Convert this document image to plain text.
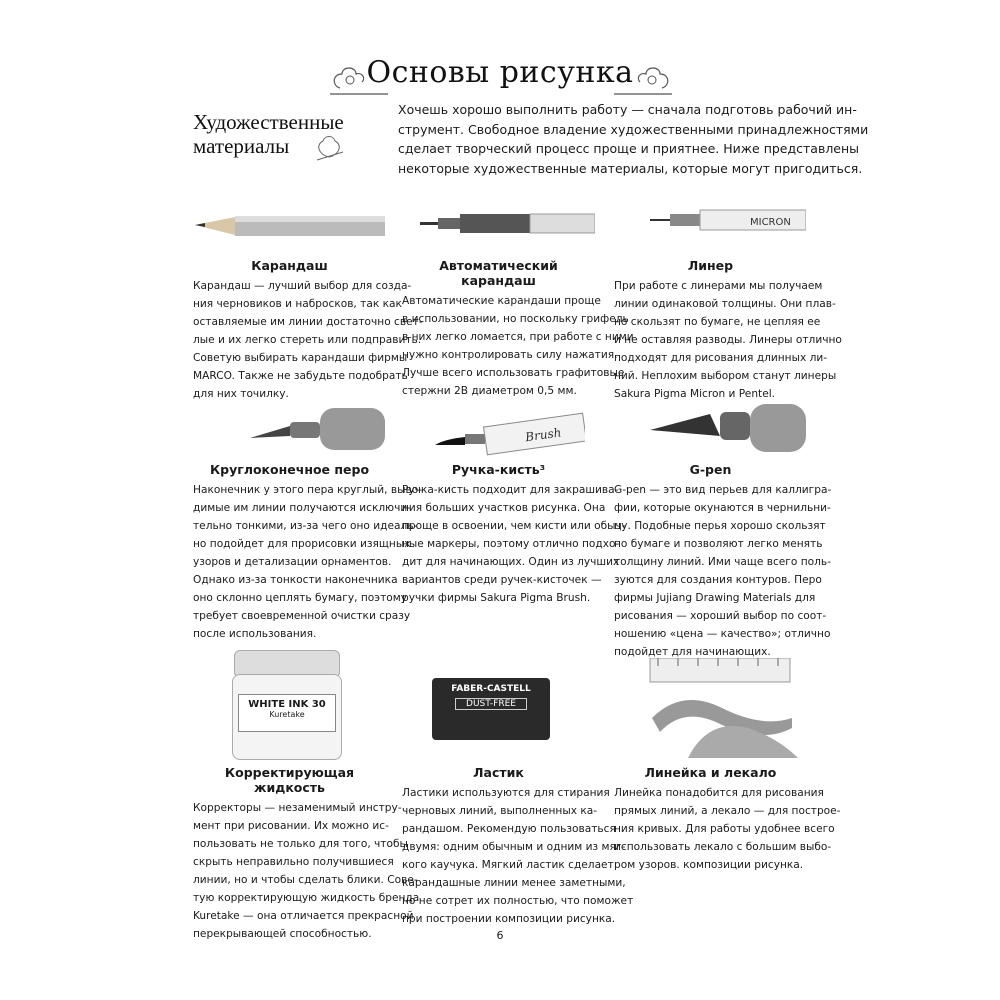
Основы рисунка
Художественные
материалы
Хочешь хорошо выполнить работу — сначала подготовь рабочий ин-
струмент. Свободное владение художественными принадлежностями
сделает творческий процесс проще и приятнее. Ниже представлены
некоторые художественные материалы, которые могут пригодиться.
MICRON
Brush
WHITE INK 30
Kuretake
FABER-CASTELL
DUST-FREE
Карандаш
Карандаш — лучший выбор для созда-
ния черновиков и набросков, так как
оставляемые им линии достаточно свет-
лые и их легко стереть или подправить.
Советую выбирать карандаши фирмы
MARCO. Также не забудьте подобрать
для них точилку.
Автоматический карандаш
Автоматические карандаши проще
в использовании, но поскольку грифель
в них легко ломается, при работе с ними
нужно контролировать силу нажатия.
Лучше всего использовать графитовые
стержни 2B диаметром 0,5 мм.
Линер
При работе с линерами мы получаем
линии одинаковой толщины. Они плав-
но скользят по бумаге, не цепляя ее
и не оставляя разводы. Линеры отлично
подходят для рисования длинных ли-
ний. Неплохим выбором станут линеры
Sakura Pigma Micron и Pentel.
Круглоконечное перо
Наконечник у этого пера круглый, выво-
димые им линии получаются исключи-
тельно тонкими, из-за чего оно идеаль-
но подойдет для прорисовки изящных
узоров и детализации орнаментов.
Однако из-за тонкости наконечника
оно склонно цеплять бумагу, поэтому
требует своевременной очистки сразу
после использования.
Ручка-кисть³
Ручка-кисть подходит для закрашива-
ния больших участков рисунка. Она
проще в освоении, чем кисти или обыч-
ные маркеры, поэтому отлично подхо-
дит для начинающих. Один из лучших
вариантов среди ручек-кисточек —
ручки фирмы Sakura Pigma Brush.
G-pen
G-pen — это вид перьев для каллигра-
фии, которые окунаются в чернильни-
цу. Подобные перья хорошо скользят
по бумаге и позволяют легко менять
толщину линий. Ими чаще всего поль-
зуются для создания контуров. Перо
фирмы Jujiang Drawing Materials для
рисования — хороший выбор по соот-
ношению «цена — качество»; отлично
подойдет для начинающих.
Корректирующая жидкость
Корректоры — незаменимый инстру-
мент при рисовании. Их можно ис-
пользовать не только для того, чтобы
скрыть неправильно получившиеся
линии, но и чтобы сделать блики. Сове-
тую корректирующую жидкость бренда
Kuretake — она отличается прекрасной
перекрывающей способностью.
Ластик
Ластики используются для стирания
черновых линий, выполненных ка-
рандашом. Рекомендую пользоваться
двумя: одним обычным и одним из мяг-
кого каучука. Мягкий ластик сделает
карандашные линии менее заметными,
но не сотрет их полностью, что поможет
при построении композиции рисунка.
Линейка и лекало
Линейка понадобится для рисования
прямых линий, а лекало — для построе-
ния кривых. Для работы удобнее всего
использовать лекало с большим выбо-
ром узоров. композиции рисунка.
6
